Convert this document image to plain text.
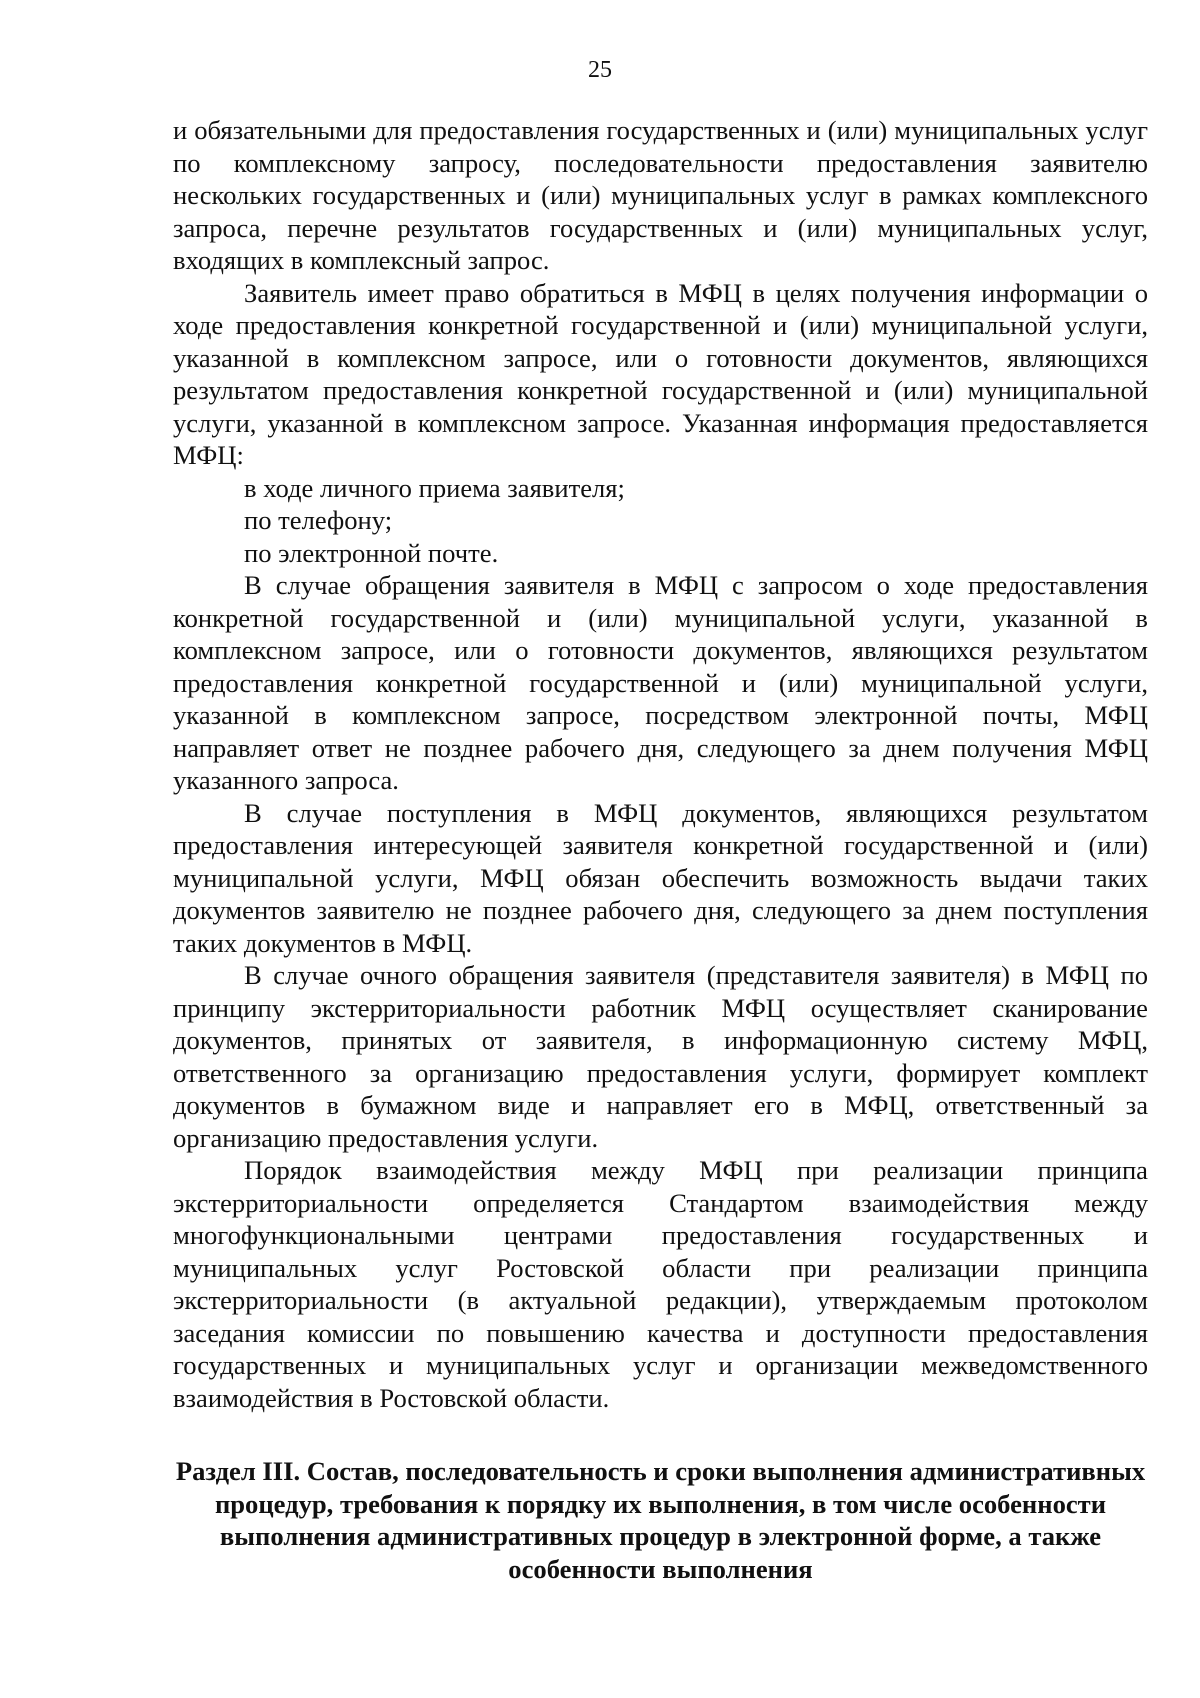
25

и обязательными для предоставления государственных и (или) муниципальных услуг по комплексному запросу, последовательности предоставления заявителю нескольких государственных и (или) муниципальных услуг в рамках комплексного запроса, перечне результатов государственных и (или) муниципальных услуг, входящих в комплексный запрос.

Заявитель имеет право обратиться в МФЦ в целях получения информации о ходе предоставления конкретной государственной и (или) муниципальной услуги, указанной в комплексном запросе, или о готовности документов, являющихся результатом предоставления конкретной государственной и (или) муниципальной услуги, указанной в комплексном запросе. Указанная информация предоставляется МФЦ:

в ходе личного приема заявителя;

по телефону;

по электронной почте.

В случае обращения заявителя в МФЦ с запросом о ходе предоставления конкретной государственной и (или) муниципальной услуги, указанной в комплексном запросе, или о готовности документов, являющихся результатом предоставления конкретной государственной и (или) муниципальной услуги, указанной в комплексном запросе, посредством электронной почты, МФЦ направляет ответ не позднее рабочего дня, следующего за днем получения МФЦ указанного запроса.

В случае поступления в МФЦ документов, являющихся результатом предоставления интересующей заявителя конкретной государственной и (или) муниципальной услуги, МФЦ обязан обеспечить возможность выдачи таких документов заявителю не позднее рабочего дня, следующего за днем поступления таких документов в МФЦ.

В случае очного обращения заявителя (представителя заявителя) в МФЦ по принципу экстерриториальности работник МФЦ осуществляет сканирование документов, принятых от заявителя, в информационную систему МФЦ, ответственного за организацию предоставления услуги, формирует комплект документов в бумажном виде и направляет его в МФЦ, ответственный за организацию предоставления услуги.

Порядок взаимодействия между МФЦ при реализации принципа экстерриториальности определяется Стандартом взаимодействия между многофункциональными центрами предоставления государственных и муниципальных услуг Ростовской области при реализации принципа экстерриториальности (в актуальной редакции), утверждаемым протоколом заседания комиссии по повышению качества и доступности предоставления государственных и муниципальных услуг и организации межведомственного взаимодействия в Ростовской области.

Раздел III. Состав, последовательность и сроки выполнения административных процедур, требования к порядку их выполнения, в том числе особенности выполнения административных процедур в электронной форме, а также особенности выполнения
